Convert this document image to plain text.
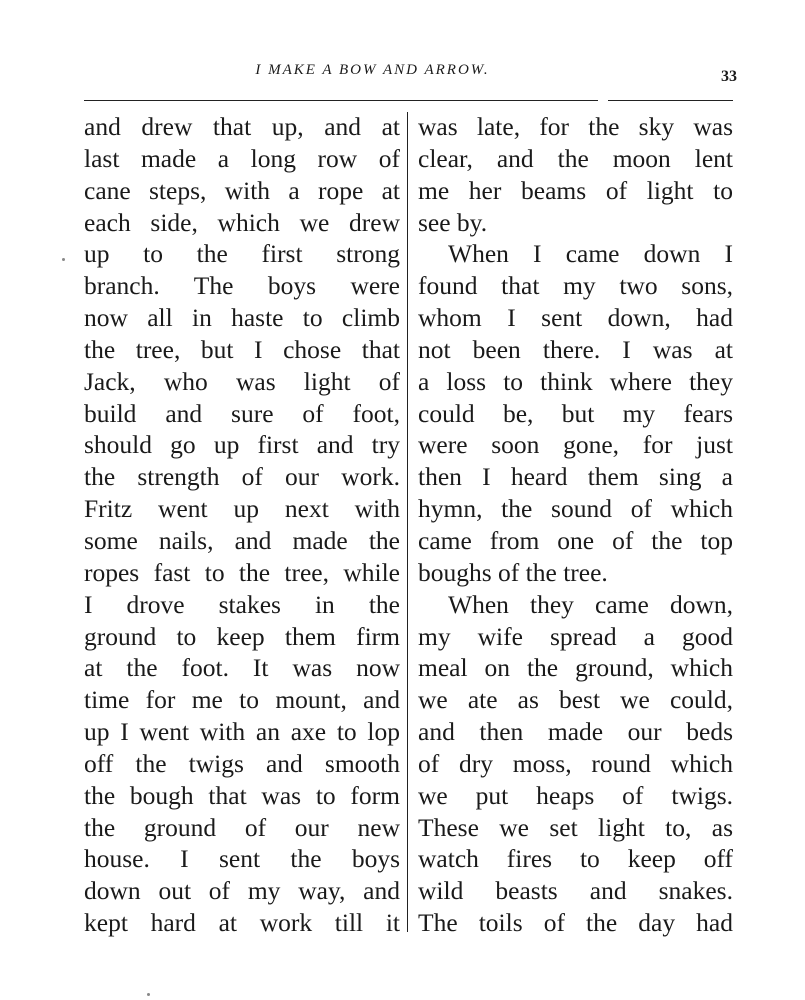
I MAKE A BOW AND ARROW.	33
and drew that up, and at
last made a long row of
cane steps, with a rope at
each side, which we drew
up to the first strong
branch. The boys were
now all in haste to climb
the tree, but I chose that
Jack, who was light of
build and sure of foot,
should go up first and try
the strength of our work.
Fritz went up next with
some nails, and made the
ropes fast to the tree, while
I drove stakes in the
ground to keep them firm
at the foot. It was now
time for me to mount, and
up I went with an axe to lop
off the twigs and smooth
the bough that was to form
the ground of our new
house. I sent the boys
down out of my way, and
kept hard at work till it
was late, for the sky was
clear, and the moon lent
me her beams of light to
see by.
When I came down I
found that my two sons,
whom I sent down, had
not been there. I was at
a loss to think where they
could be, but my fears
were soon gone, for just
then I heard them sing a
hymn, the sound of which
came from one of the top
boughs of the tree.
When they came down,
my wife spread a good
meal on the ground, which
we ate as best we could,
and then made our beds
of dry moss, round which
we put heaps of twigs.
These we set light to, as
watch fires to keep off
wild beasts and snakes.
The toils of the day had
